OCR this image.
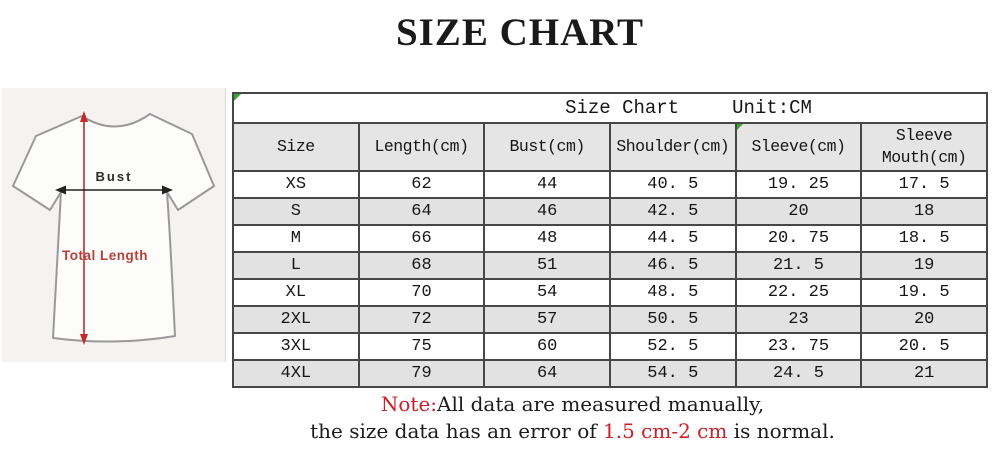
SIZE CHART
Bust
Total Length
Size Chart Unit:CM					
Size	Length(cm)	Bust(cm)	Shoulder(cm)	Sleeve(cm)	Sleeve Mouth(cm)
XS	62	44	40. 5	19. 25	17. 5
S	64	46	42. 5	20	18
M	66	48	44. 5	20. 75	18. 5
L	68	51	46. 5	21. 5	19
XL	70	54	48. 5	22. 25	19. 5
2XL	72	57	50. 5	23	20
3XL	75	60	52. 5	23. 75	20. 5
4XL	79	64	54. 5	24. 5	21
Note:All data are measured manually,
the size data has an error of 1.5 cm-2 cm is normal.
